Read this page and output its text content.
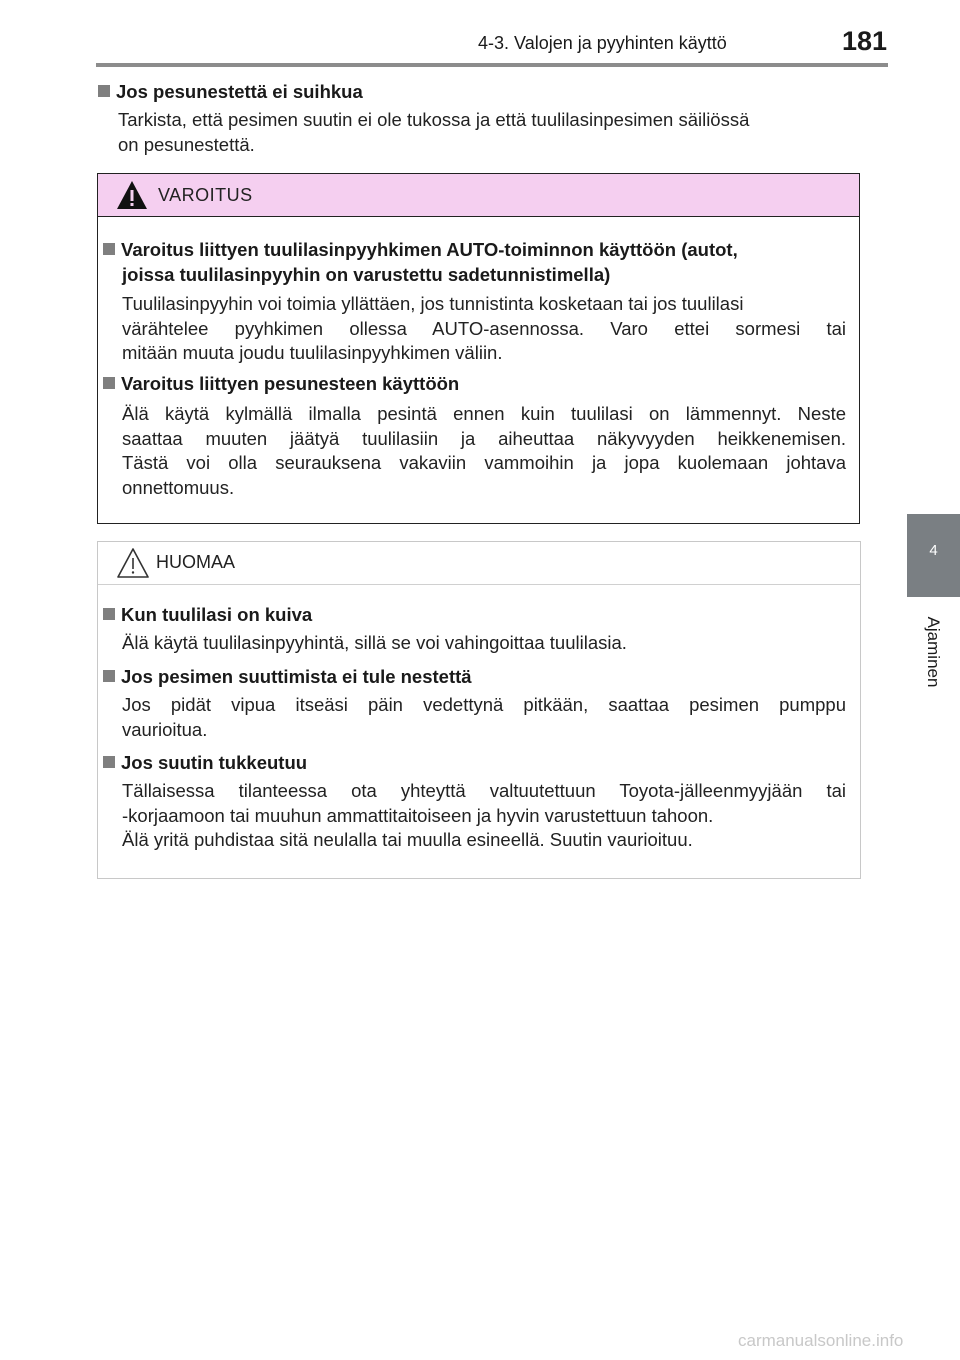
4-3. Valojen ja pyyhinten käyttö	181
4
Ajaminen
Jos pesunestettä ei suihkua
Tarkista, että pesimen suutin ei ole tukossa ja että tuulilasinpesimen säiliössä
on pesunestettä.
VAROITUS
Varoitus liittyen tuulilasinpyyhkimen AUTO-toiminnon käyttöön (autot,
joissa tuulilasinpyyhin on varustettu sadetunnistimella)
Tuulilasinpyyhin voi toimia yllättäen, jos tunnistinta kosketaan tai jos tuulilasi
värähtelee pyyhkimen ollessa AUTO-asennossa. Varo ettei sormesi tai
mitään muuta joudu tuulilasinpyyhkimen väliin.
Varoitus liittyen pesunesteen käyttöön
Älä käytä kylmällä ilmalla pesintä ennen kuin tuulilasi on lämmennyt. Neste
saattaa muuten jäätyä tuulilasiin ja aiheuttaa näkyvyyden heikkenemisen.
Tästä voi olla seurauksena vakaviin vammoihin ja jopa kuolemaan johtava
onnettomuus.
HUOMAA
Kun tuulilasi on kuiva
Älä käytä tuulilasinpyyhintä, sillä se voi vahingoittaa tuulilasia.
Jos pesimen suuttimista ei tule nestettä
Jos pidät vipua itseäsi päin vedettynä pitkään, saattaa pesimen pumppu
vaurioitua.
Jos suutin tukkeutuu
Tällaisessa tilanteessa ota yhteyttä valtuutettuun Toyota-jälleenmyyjään tai
-korjaamoon tai muuhun ammattitaitoiseen ja hyvin varustettuun tahoon.
Älä yritä puhdistaa sitä neulalla tai muulla esineellä. Suutin vaurioituu.
carmanualsonline.info
